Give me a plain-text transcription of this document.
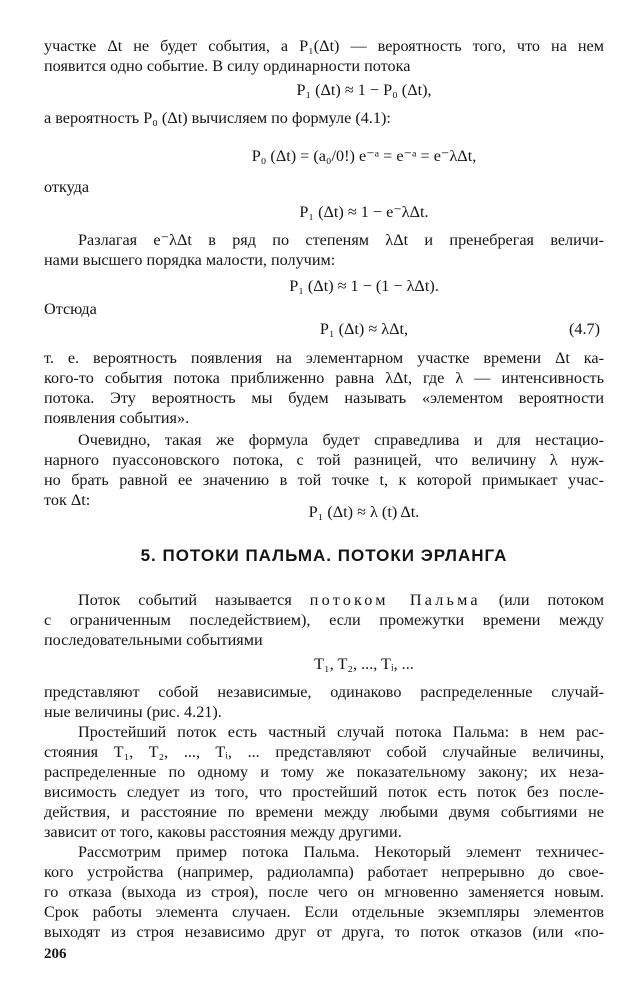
участке Δt не будет события, а P₁(Δt) — вероятность того, что на нем

появится одно событие. В силу ординарности потока

P₁ (Δt) ≈ 1 − P₀ (Δt),

а вероятность P₀ (Δt) вычисляем по формуле (4.1):

P₀ (Δt) = (a₀/0!) e⁻ᵃ = e⁻ᵃ = e⁻λΔt,

откуда

P₁ (Δt) ≈ 1 − e⁻λΔt.

Разлагая e⁻λΔt в ряд по степеням λΔt и пренебрегая величи-

нами высшего порядка малости, получим:

P₁ (Δt) ≈ 1 − (1 − λΔt).

Отсюда

P₁ (Δt) ≈ λΔt,	(4.7)

т. е. вероятность появления на элементарном участке времени Δt ка-

кого-то события потока приближенно равна λΔt, где λ — интенсивность

потока. Эту вероятность мы будем называть «элементом вероятности

появления события».

Очевидно, такая же формула будет справедлива и для нестацио-

нарного пуассоновского потока, с той разницей, что величину λ нуж-

но брать равной ее значению в той точке t, к которой примыкает учас-

ток Δt:

P₁ (Δt) ≈ λ (t) Δt.
5. ПОТОКИ ПАЛЬМА. ПОТОКИ ЭРЛАНГА

Поток событий называется потоком Пальма (или потоком

с ограниченным последействием), если промежутки времени между

последовательными событиями

T₁, T₂, ..., Tᵢ, ...

представляют собой независимые, одинаково распределенные случай-

ные величины (рис. 4.21).

Простейший поток есть частный случай потока Пальма: в нем рас-

стояния T₁, T₂, ..., Tᵢ, ... представляют собой случайные величины,

распределенные по одному и тому же показательному закону; их неза-

висимость следует из того, что простейший поток есть поток без после-

действия, и расстояние по времени между любыми двумя событиями не

зависит от того, каковы расстояния между другими.

Рассмотрим пример потока Пальма. Некоторый элемент техничес-

кого устройства (например, радиолампа) работает непрерывно до свое-

го отказа (выхода из строя), после чего он мгновенно заменяется новым.

Срок работы элемента случаен. Если отдельные экземпляры элементов

выходят из строя независимо друг от друга, то поток отказов (или «по-

206
